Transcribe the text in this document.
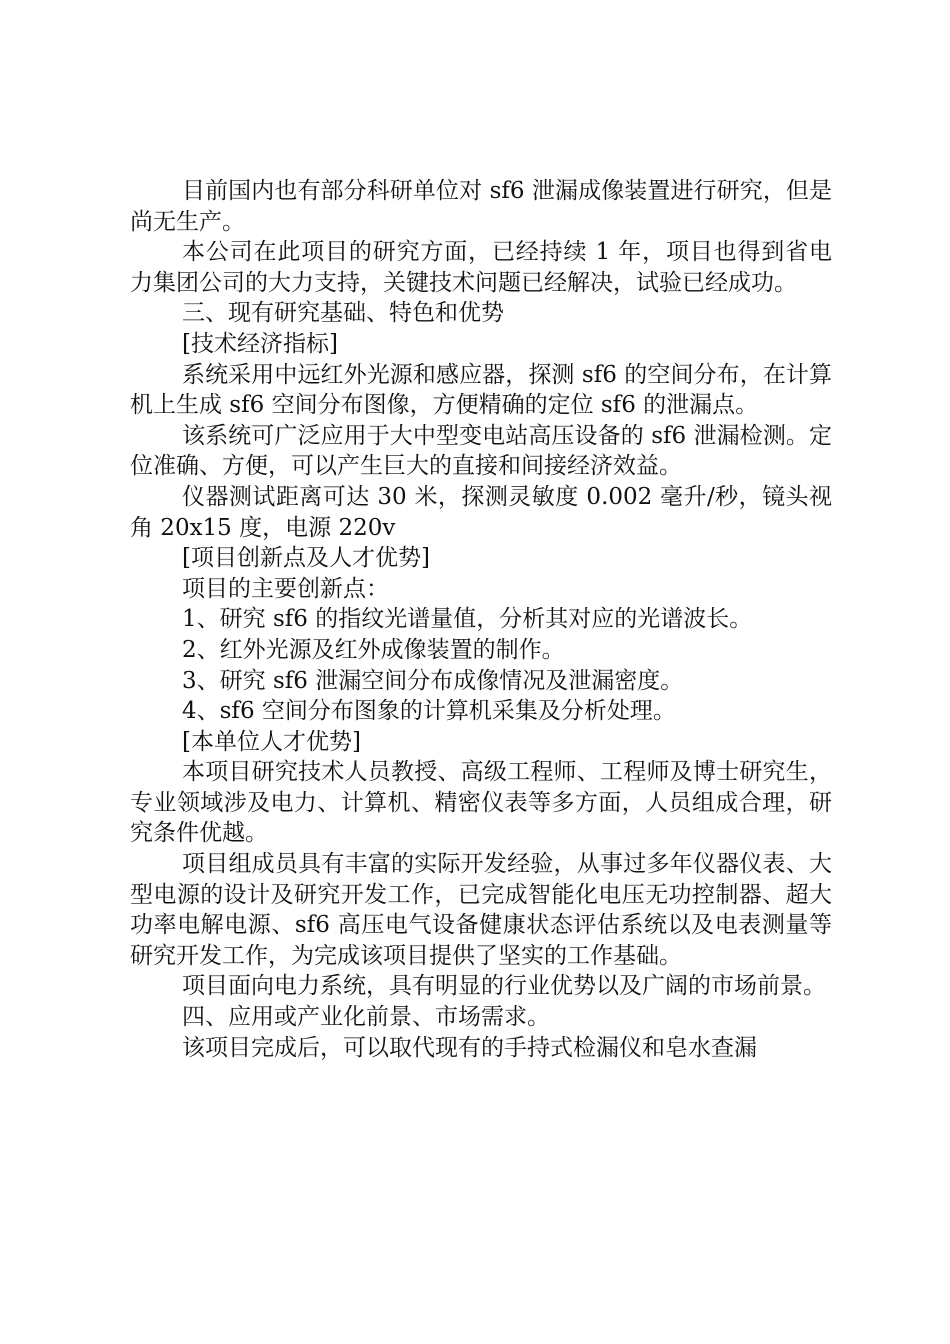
目前国内也有部分科研单位对 sf6 泄漏成像装置进行研究，但是尚无生产。

本公司在此项目的研究方面，已经持续 1 年，项目也得到省电力集团公司的大力支持，关键技术问题已经解决，试验已经成功。

三、现有研究基础、特色和优势

[技术经济指标]

系统采用中远红外光源和感应器，探测 sf6 的空间分布，在计算机上生成 sf6 空间分布图像，方便精确的定位 sf6 的泄漏点。

该系统可广泛应用于大中型变电站高压设备的 sf6 泄漏检测。定位准确、方便，可以产生巨大的直接和间接经济效益。

仪器测试距离可达 30 米，探测灵敏度 0.002 毫升/秒，镜头视角 20x15 度，电源 220v

[项目创新点及人才优势]

项目的主要创新点：

1、研究 sf6 的指纹光谱量值，分析其对应的光谱波长。

2、红外光源及红外成像装置的制作。

3、研究 sf6 泄漏空间分布成像情况及泄漏密度。

4、sf6 空间分布图象的计算机采集及分析处理。

[本单位人才优势]

本项目研究技术人员教授、高级工程师、工程师及博士研究生，专业领域涉及电力、计算机、精密仪表等多方面，人员组成合理，研究条件优越。

项目组成员具有丰富的实际开发经验，从事过多年仪器仪表、大型电源的设计及研究开发工作，已完成智能化电压无功控制器、超大功率电解电源、sf6 高压电气设备健康状态评估系统以及电表测量等研究开发工作，为完成该项目提供了坚实的工作基础。

项目面向电力系统，具有明显的行业优势以及广阔的市场前景。

四、应用或产业化前景、市场需求。

该项目完成后，可以取代现有的手持式检漏仪和皂水查漏
